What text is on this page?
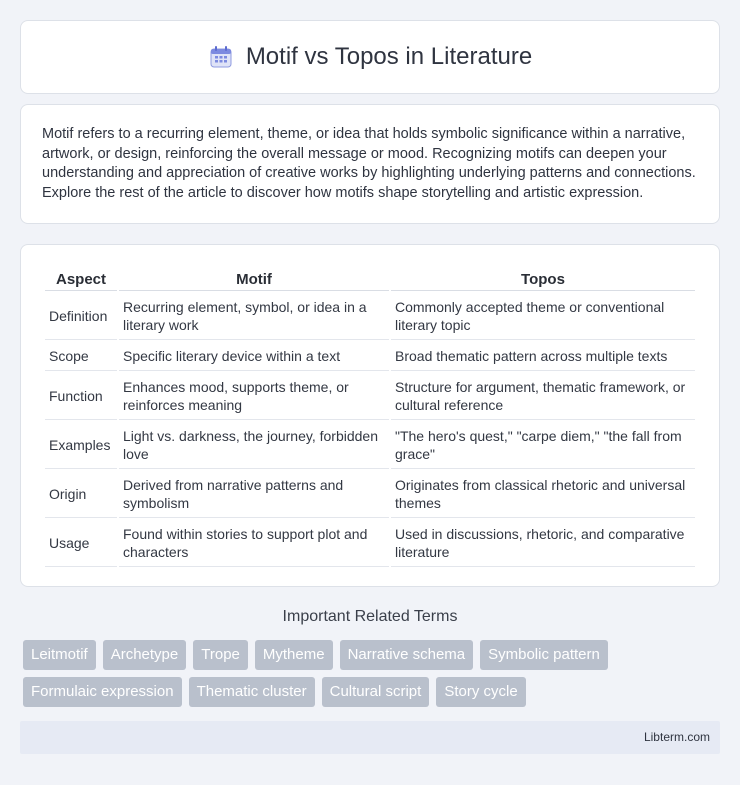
Motif vs Topos in Literature

Motif refers to a recurring element, theme, or idea that holds symbolic significance within a narrative, artwork, or design, reinforcing the overall message or mood. Recognizing motifs can deepen your understanding and appreciation of creative works by highlighting underlying patterns and connections. Explore the rest of the article to discover how motifs shape storytelling and artistic expression.

Aspect	Motif	Topos
Definition	Recurring element, symbol, or idea in a literary work	Commonly accepted theme or conventional literary topic
Scope	Specific literary device within a text	Broad thematic pattern across multiple texts
Function	Enhances mood, supports theme, or reinforces meaning	Structure for argument, thematic framework, or cultural reference
Examples	Light vs. darkness, the journey, forbidden love	"The hero's quest," "carpe diem," "the fall from grace"
Origin	Derived from narrative patterns and symbolism	Originates from classical rhetoric and universal themes
Usage	Found within stories to support plot and characters	Used in discussions, rhetoric, and comparative literature
Important Related Terms
Leitmotif	Archetype	Trope	Mytheme	Narrative schema	Symbolic pattern
Formulaic expression	Thematic cluster	Cultural script	Story cycle
Libterm.com
